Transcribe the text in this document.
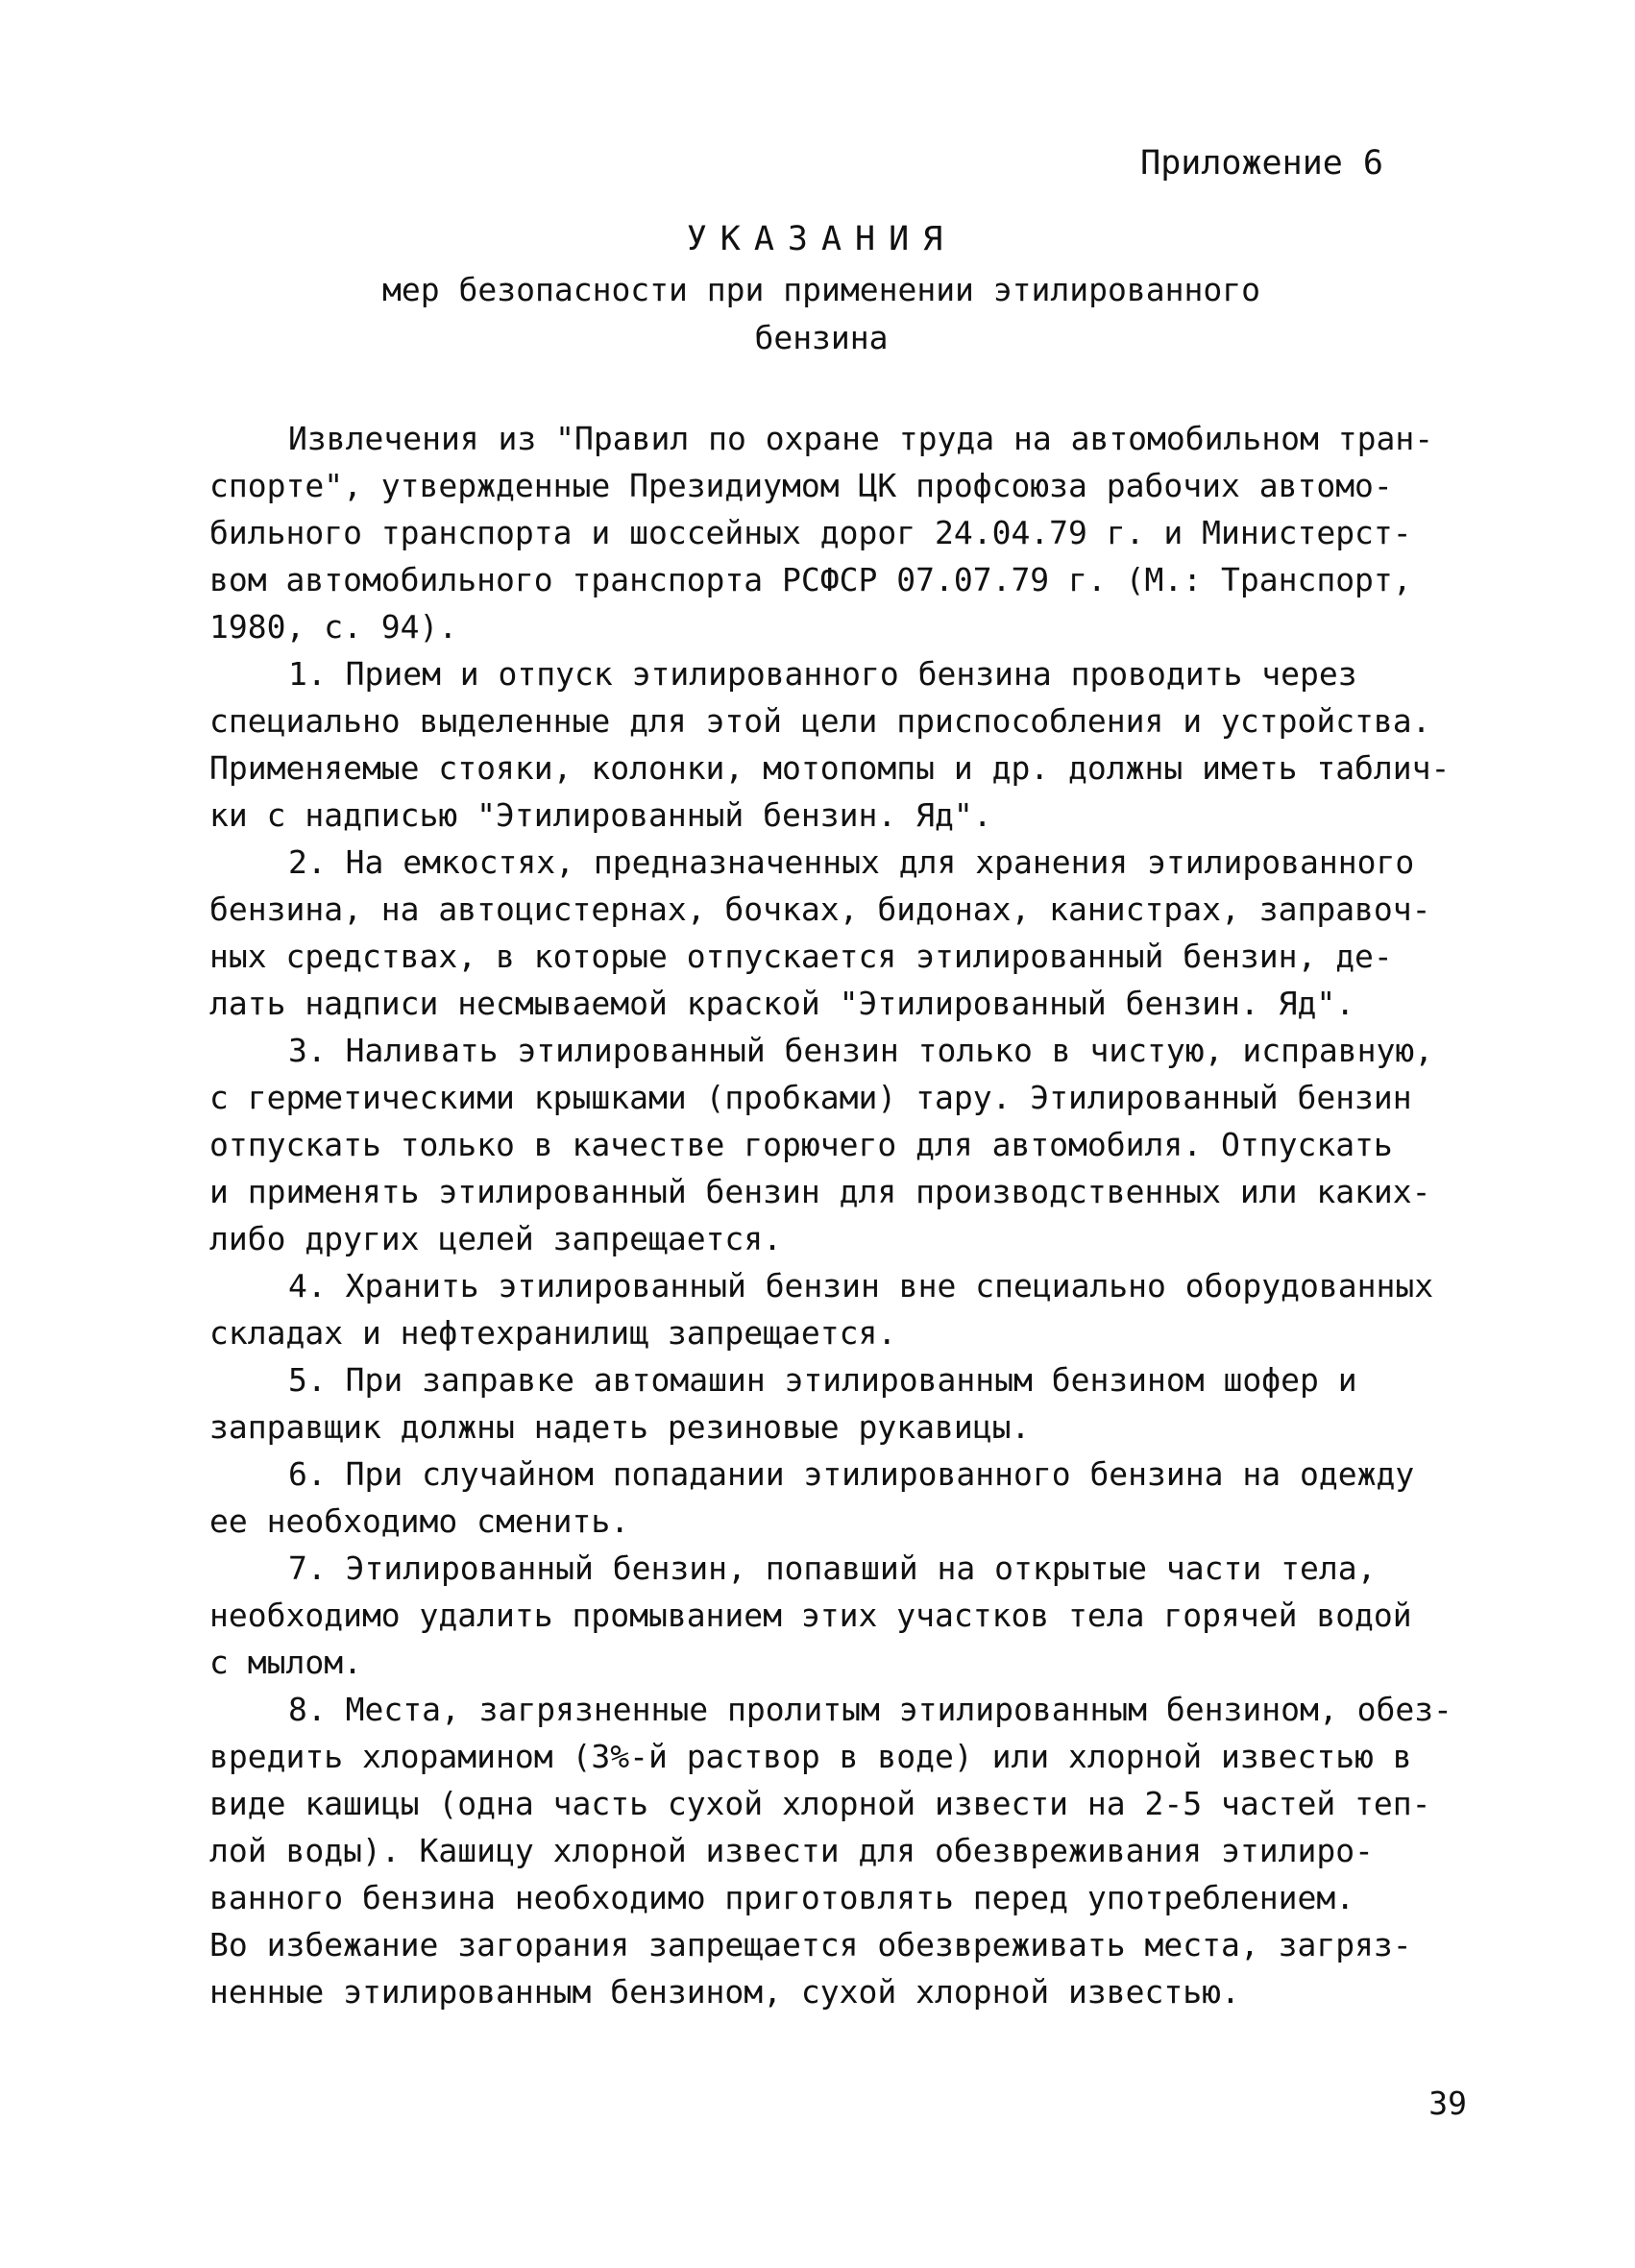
Приложение 6
УКАЗАНИЯ
мер безопасности при применении этилированного
бензина
Извлечения из "Правил по охране труда на автомобильном тран-
спорте", утвержденные Президиумом ЦК профсоюза рабочих автомо-
бильного транспорта и шоссейных дорог 24.04.79 г. и Министерст-
вом автомобильного транспорта РСФСР 07.07.79 г. (М.: Транспорт,
1980, с. 94).
1. Прием и отпуск этилированного бензина проводить через
специально выделенные для этой цели приспособления и устройства.
Применяемые стояки, колонки, мотопомпы и др. должны иметь таблич-
ки с надписью "Этилированный бензин. Яд".
2. На емкостях, предназначенных для хранения этилированного
бензина, на автоцистернах, бочках, бидонах, канистрах, заправоч-
ных средствах, в которые отпускается этилированный бензин, де-
лать надписи несмываемой краской "Этилированный бензин. Яд".
3. Наливать этилированный бензин только в чистую, исправную,
с герметическими крышками (пробками) тару. Этилированный бензин
отпускать только в качестве горючего для автомобиля. Отпускать
и применять этилированный бензин для производственных или каких-
либо других целей запрещается.
4. Хранить этилированный бензин вне специально оборудованных
складах и нефтехранилищ запрещается.
5. При заправке автомашин этилированным бензином шофер и
заправщик должны надеть резиновые рукавицы.
6. При случайном попадании этилированного бензина на одежду
ее необходимо сменить.
7. Этилированный бензин, попавший на открытые части тела,
необходимо удалить промыванием этих участков тела горячей водой
с мылом.
8. Места, загрязненные пролитым этилированным бензином, обез-
вредить хлорамином (3%-й раствор в воде) или хлорной известью в
виде кашицы (одна часть сухой хлорной извести на 2-5 частей теп-
лой воды). Кашицу хлорной извести для обезвреживания этилиро-
ванного бензина необходимо приготовлять перед употреблением.
Во избежание загорания запрещается обезвреживать места, загряз-
ненные этилированным бензином, сухой хлорной известью.
39
